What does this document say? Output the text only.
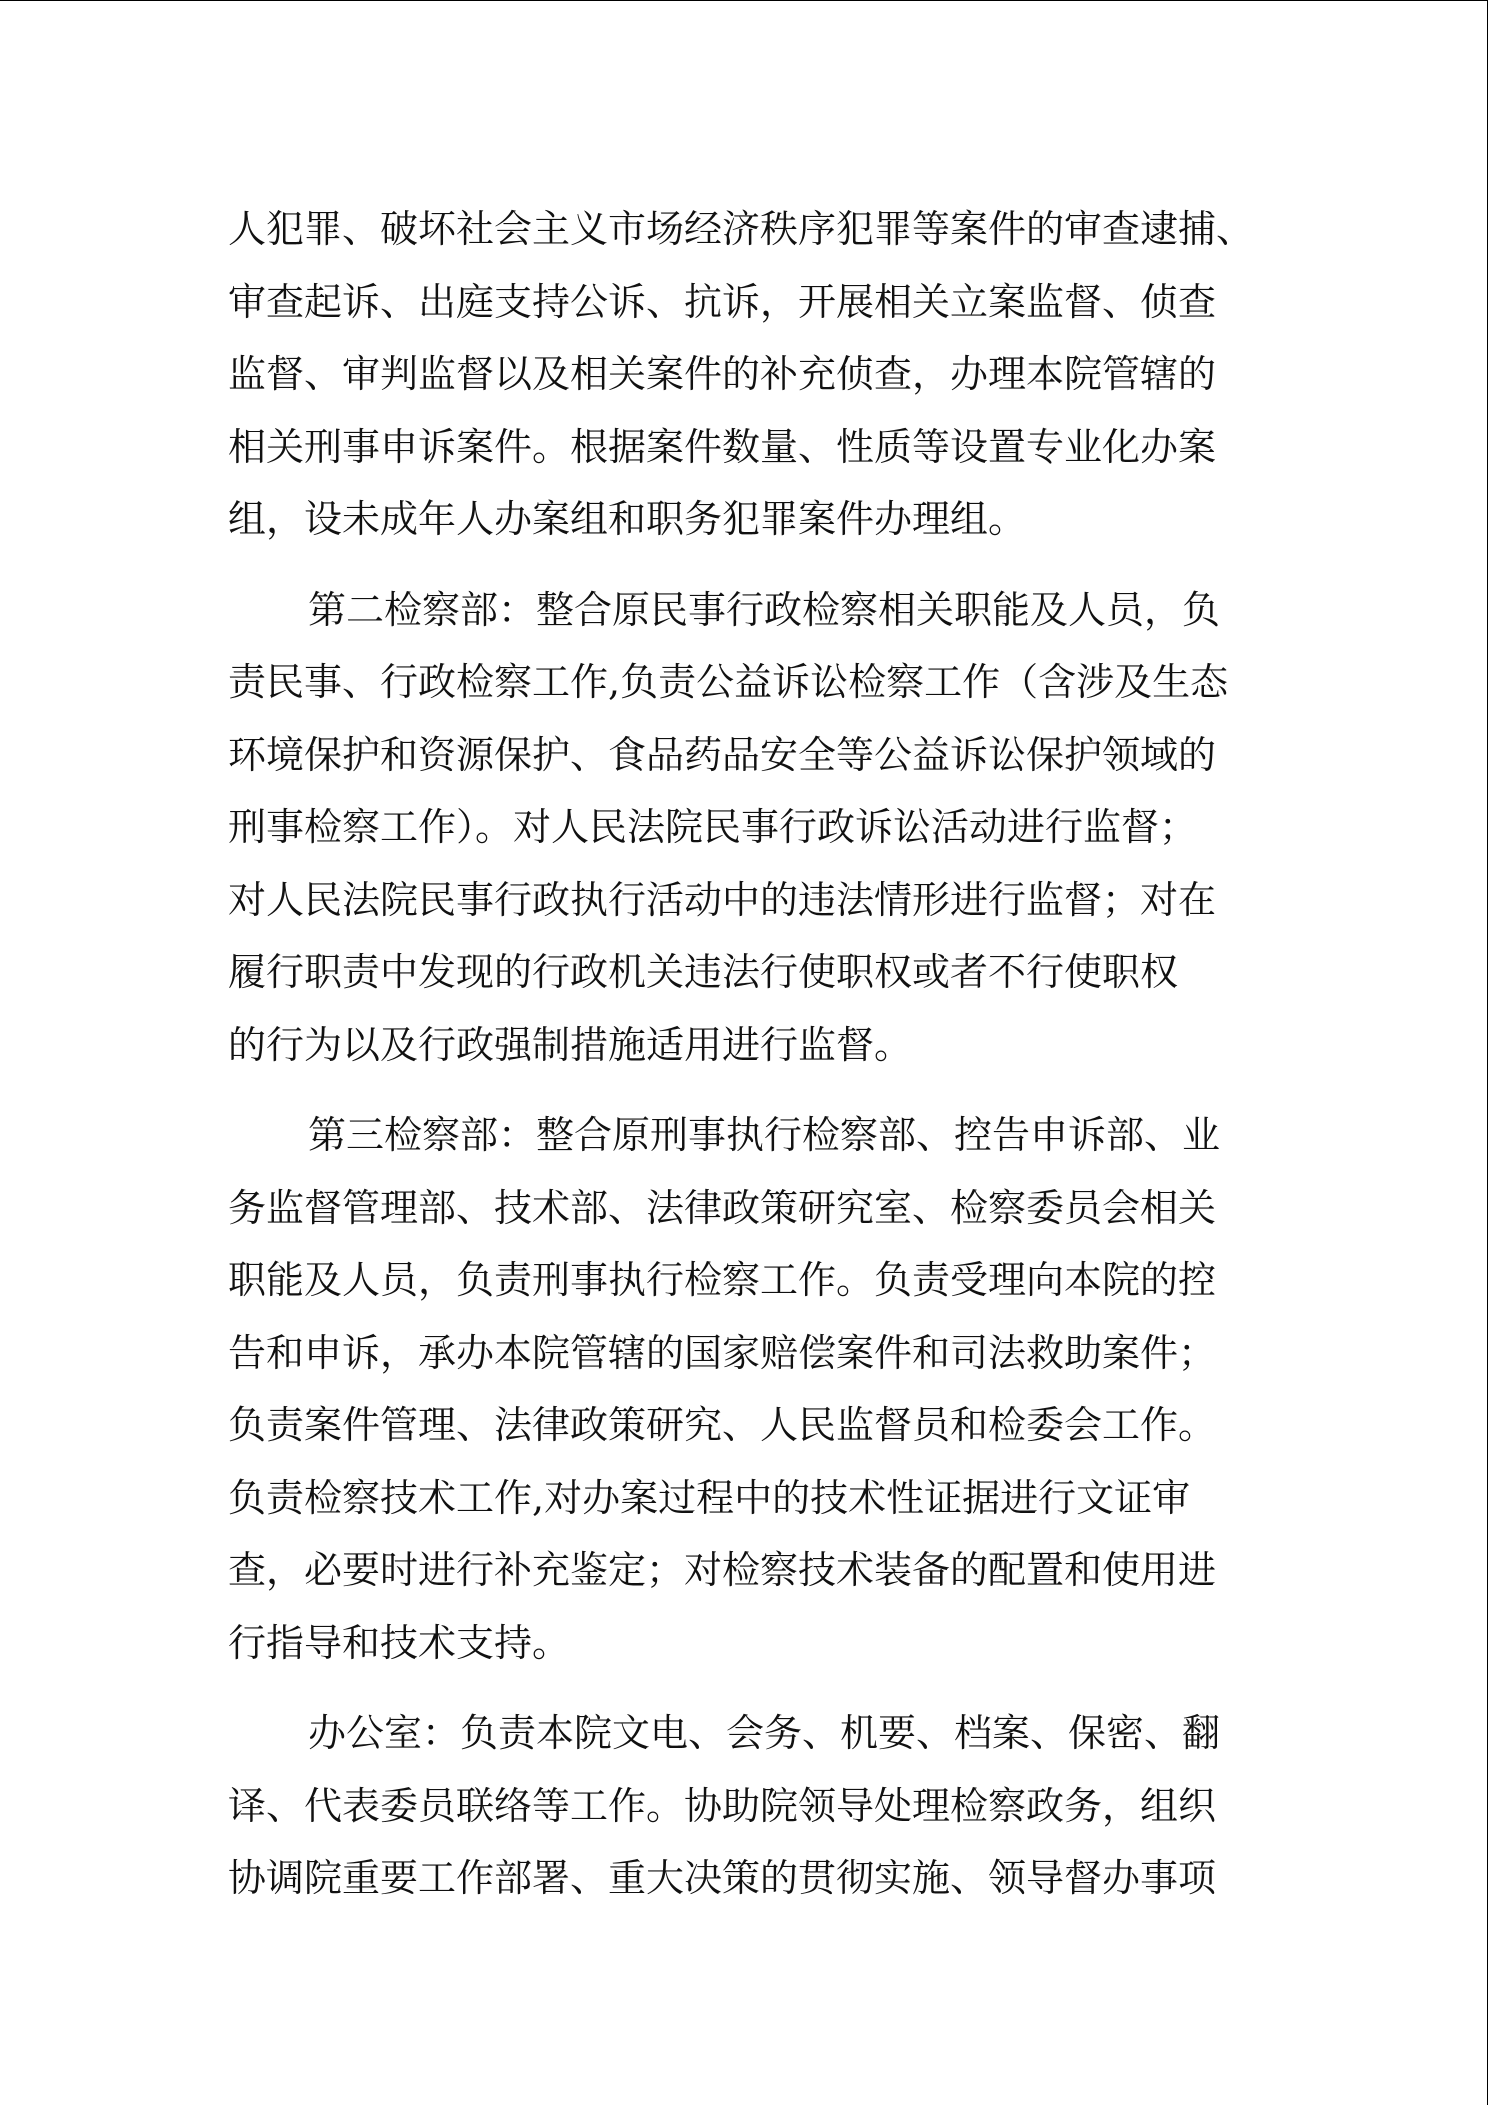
人犯罪、破坏社会主义市场经济秩序犯罪等案件的审查逮捕、
审查起诉、出庭支持公诉、抗诉，开展相关立案监督、侦查
监督、审判监督以及相关案件的补充侦查，办理本院管辖的
相关刑事申诉案件。根据案件数量、性质等设置专业化办案
组，设未成年人办案组和职务犯罪案件办理组。
第二检察部：整合原民事行政检察相关职能及人员，负
责民事、行政检察工作,负责公益诉讼检察工作（含涉及生态
环境保护和资源保护、食品药品安全等公益诉讼保护领域的
刑事检察工作）。对人民法院民事行政诉讼活动进行监督；
对人民法院民事行政执行活动中的违法情形进行监督；对在
履行职责中发现的行政机关违法行使职权或者不行使职权
的行为以及行政强制措施适用进行监督。
第三检察部：整合原刑事执行检察部、控告申诉部、业
务监督管理部、技术部、法律政策研究室、检察委员会相关
职能及人员，负责刑事执行检察工作。负责受理向本院的控
告和申诉，承办本院管辖的国家赔偿案件和司法救助案件；
负责案件管理、法律政策研究、人民监督员和检委会工作。
负责检察技术工作,对办案过程中的技术性证据进行文证审
查，必要时进行补充鉴定；对检察技术装备的配置和使用进
行指导和技术支持。
办公室：负责本院文电、会务、机要、档案、保密、翻
译、代表委员联络等工作。协助院领导处理检察政务，组织
协调院重要工作部署、重大决策的贯彻实施、领导督办事项
